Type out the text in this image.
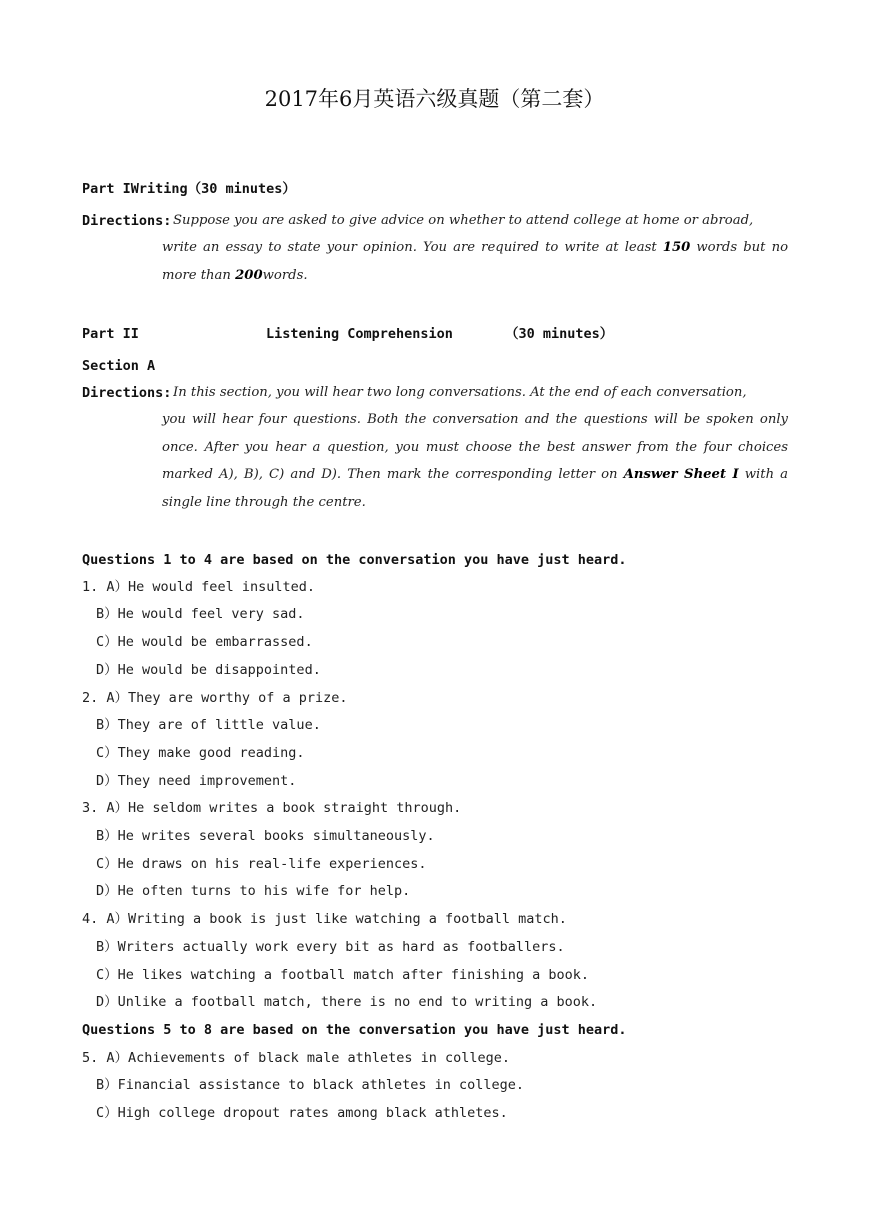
2017年6月英语六级真题（第二套）
Part IWriting（30 minutes）
Directions: Suppose you are asked to give advice on whether to attend college at home or abroad,
write an essay to state your opinion. You are required to write at least 150 words but no more than 200words.
Part II	Listening Comprehension	（30 minutes）
Section A
Directions: In this section, you will hear two long conversations. At the end of each conversation,
you will hear four questions. Both the conversation and the questions will be spoken only once. After you hear a question, you must choose the best answer from the four choices marked A), B), C) and D). Then mark the corresponding letter on Answer Sheet I with a single line through the centre.
Questions 1 to 4 are based on the conversation you have just heard.
1. A）He would feel insulted.
B）He would feel very sad.
C）He would be embarrassed.
D）He would be disappointed.
2. A）They are worthy of a prize.
B）They are of little value.
C）They make good reading.
D）They need improvement.
3. A）He seldom writes a book straight through.
B）He writes several books simultaneously.
C）He draws on his real-life experiences.
D）He often turns to his wife for help.
4. A）Writing a book is just like watching a football match.
B）Writers actually work every bit as hard as footballers.
C）He likes watching a football match after finishing a book.
D）Unlike a football match, there is no end to writing a book.
Questions 5 to 8 are based on the conversation you have just heard.
5. A）Achievements of black male athletes in college.
B）Financial assistance to black athletes in college.
C）High college dropout rates among black athletes.
